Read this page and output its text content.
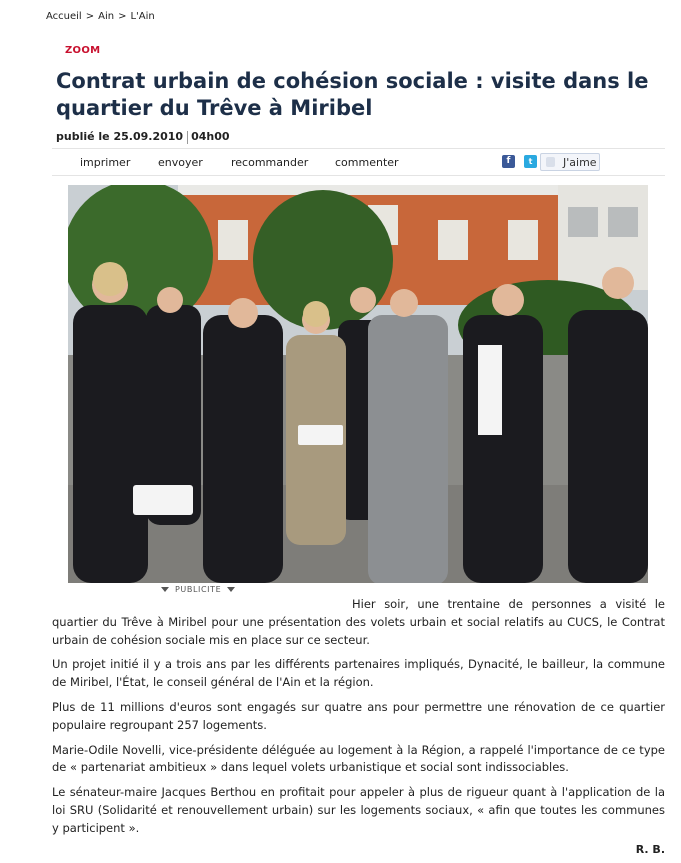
Accueil > Ain > L'Ain
ZOOM
Contrat urbain de cohésion sociale : visite dans le quartier du Trêve à Miribel
publié le 25.09.2010 04h00
imprimer	envoyer	recommander commenter	f	t	J'aime
PUBLICITE

Hier soir, une trentaine de personnes a visité le quartier du Trêve à Miribel pour une présentation des volets urbain et social relatifs au CUCS, le Contrat urbain de cohésion sociale mis en place sur ce secteur.

Un projet initié il y a trois ans par les différents partenaires impliqués, Dynacité, le bailleur, la commune de Miribel, l'État, le conseil général de l'Ain et la région.

Plus de 11 millions d'euros sont engagés sur quatre ans pour permettre une rénovation de ce quartier populaire regroupant 257 logements.

Marie-Odile Novelli, vice-présidente déléguée au logement à la Région, a rappelé l'importance de ce type de « partenariat ambitieux » dans lequel volets urbanistique et social sont indissociables.

Le sénateur-maire Jacques Berthou en profitait pour appeler à plus de rigueur quant à l'application de la loi SRU (Solidarité et renouvellement urbain) sur les logements sociaux, « afin que toutes les communes y participent ».

R. B.
